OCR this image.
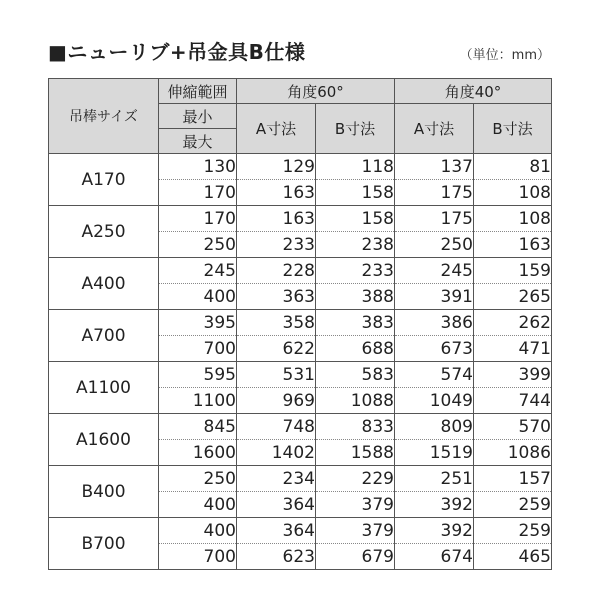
■ニューリブ+吊金具B仕様	（単位：mm）
吊棒サイズ	伸縮範囲	角度60°		角度40°	
	最小	A寸法	B寸法	A寸法	B寸法
	最大				
A170	130	129	118	137	81
	170	163	158	175	108
A250	170	163	158	175	108
	250	233	238	250	163
A400	245	228	233	245	159
	400	363	388	391	265
A700	395	358	383	386	262
	700	622	688	673	471
A1100	595	531	583	574	399
	1100	969	1088	1049	744
A1600	845	748	833	809	570
	1600	1402	1588	1519	1086
B400	250	234	229	251	157
	400	364	379	392	259
B700	400	364	379	392	259
	700	623	679	674	465
